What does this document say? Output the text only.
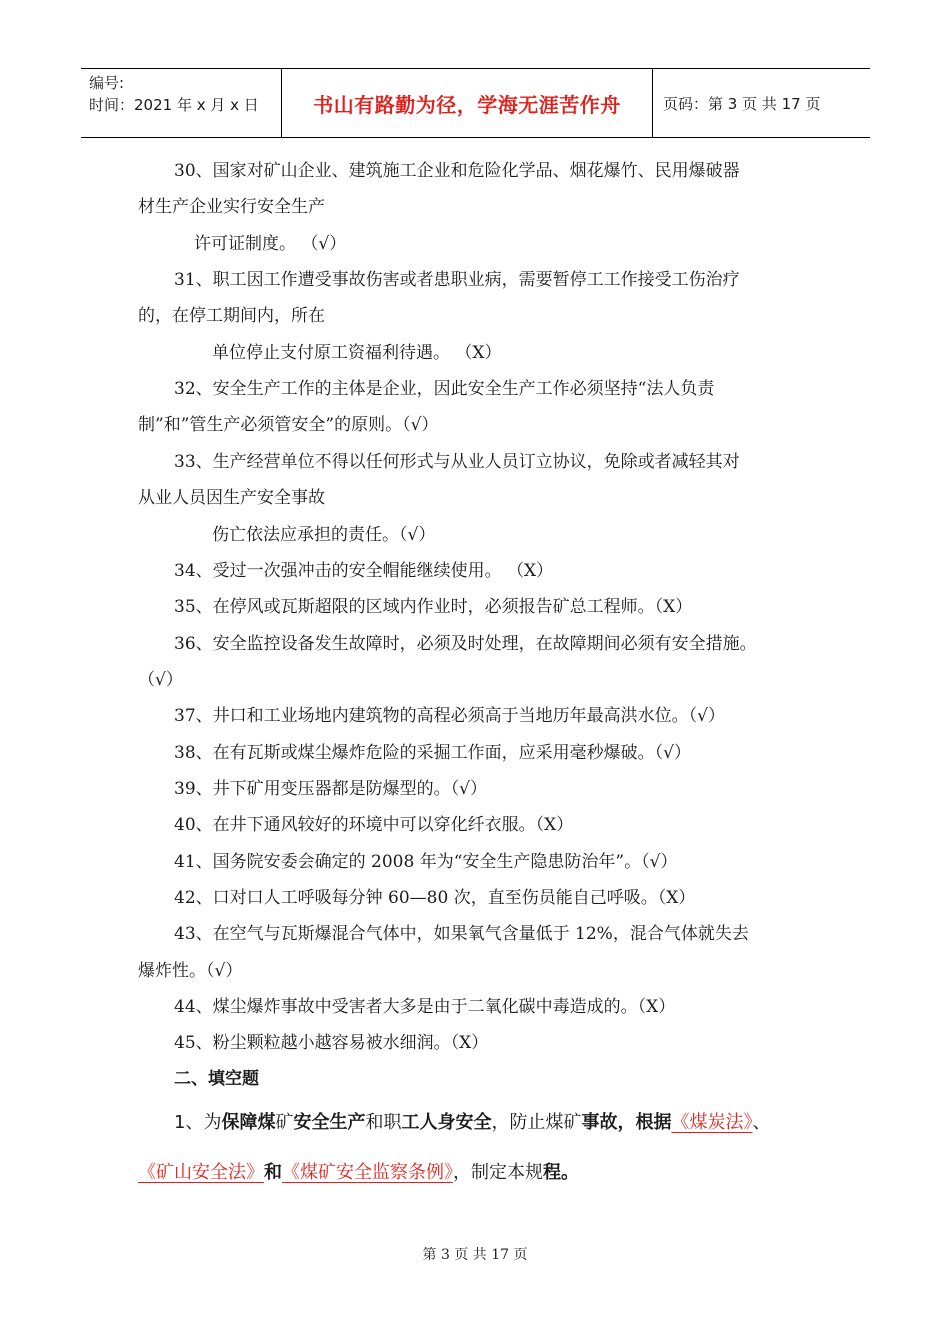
编号:
时间：2021 年 x 月 x 日	书山有路勤为径，学海无涯苦作舟	页码：第 3 页 共 17 页
30、国家对矿山企业、建筑施工企业和危险化学品、烟花爆竹、民用爆破器
材生产企业实行安全生产
许可证制度。 （√）
31、职工因工作遭受事故伤害或者患职业病，需要暂停工工作接受工伤治疗
的，在停工期间内，所在
单位停止支付原工资福利待遇。 （X）
32、安全生产工作的主体是企业，因此安全生产工作必须坚持“法人负责
制”和”管生产必须管安全”的原则。（√）
33、生产经营单位不得以任何形式与从业人员订立协议，免除或者减轻其对
从业人员因生产安全事故
伤亡依法应承担的责任。（√）
34、受过一次强冲击的安全帽能继续使用。 （X）
35、在停风或瓦斯超限的区域内作业时，必须报告矿总工程师。（X）
36、安全监控设备发生故障时，必须及时处理，在故障期间必须有安全措施。
（√）
37、井口和工业场地内建筑物的高程必须高于当地历年最高洪水位。（√）
38、在有瓦斯或煤尘爆炸危险的采掘工作面，应采用毫秒爆破。（√）
39、井下矿用变压器都是防爆型的。（√）
40、在井下通风较好的环境中可以穿化纤衣服。（X）
41、国务院安委会确定的 2008 年为“安全生产隐患防治年”。（√）
42、口对口人工呼吸每分钟 60—80 次，直至伤员能自己呼吸。（X）
43、在空气与瓦斯爆混合气体中，如果氧气含量低于 12%，混合气体就失去
爆炸性。（√）
44、煤尘爆炸事故中受害者大多是由于二氧化碳中毒造成的。（X）
45、粉尘颗粒越小越容易被水细润。（X）
二、填空题
1、为保障煤矿安全生产和职工人身安全，防止煤矿事故，根据《煤炭法》、
《矿山安全法》和《煤矿安全监察条例》，制定本规程。
第 3 页 共 17 页
